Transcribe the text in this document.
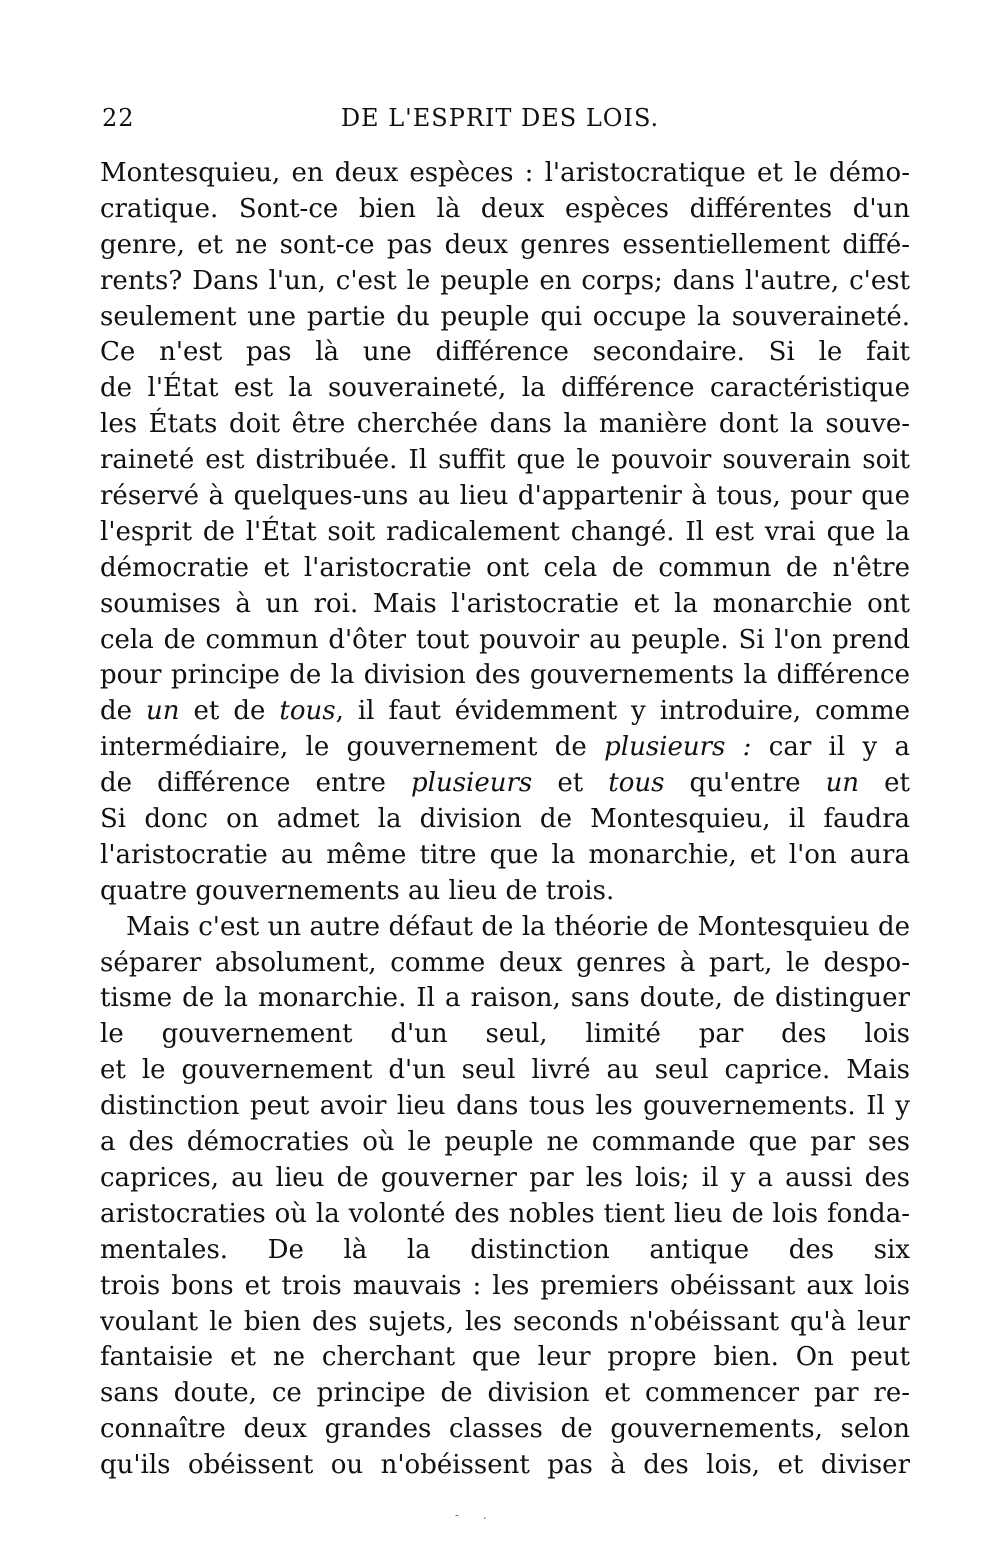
22	DE L'ESPRIT DES LOIS.
Montesquieu, en deux espèces : l'aristocratique et le démo-
cratique. Sont-ce bien là deux espèces différentes d'un
genre, et ne sont-ce pas deux genres essentiellement diffé-
rents? Dans l'un, c'est le peuple en corps; dans l'autre, c'est
seulement une partie du peuple qui occupe la souveraineté.
Ce n'est pas là une différence secondaire. Si le fait
de l'État est la souveraineté, la différence caractéristique
les États doit être cherchée dans la manière dont la souve-
raineté est distribuée. Il suffit que le pouvoir souverain soit
réservé à quelques-uns au lieu d'appartenir à tous, pour que
l'esprit de l'État soit radicalement changé. Il est vrai que la
démocratie et l'aristocratie ont cela de commun de n'être
soumises à un roi. Mais l'aristocratie et la monarchie ont
cela de commun d'ôter tout pouvoir au peuple. Si l'on prend
pour principe de la division des gouvernements la différence
de un et de tous, il faut évidemment y introduire, comme
intermédiaire, le gouvernement de plusieurs : car il y a
de différence entre plusieurs et tous qu'entre un et
Si donc on admet la division de Montesquieu, il faudra
l'aristocratie au même titre que la monarchie, et l'on aura
quatre gouvernements au lieu de trois.
Mais c'est un autre défaut de la théorie de Montesquieu de
séparer absolument, comme deux genres à part, le despo-
tisme de la monarchie. Il a raison, sans doute, de distinguer
le gouvernement d'un seul, limité par des lois
et le gouvernement d'un seul livré au seul caprice. Mais
distinction peut avoir lieu dans tous les gouvernements. Il y
a des démocraties où le peuple ne commande que par ses
caprices, au lieu de gouverner par les lois; il y a aussi des
aristocraties où la volonté des nobles tient lieu de lois fonda-
mentales. De là la distinction antique des six
trois bons et trois mauvais : les premiers obéissant aux lois
voulant le bien des sujets, les seconds n'obéissant qu'à leur
fantaisie et ne cherchant que leur propre bien. On peut
sans doute, ce principe de division et commencer par re-
connaître deux grandes classes de gouvernements, selon
qu'ils obéissent ou n'obéissent pas à des lois, et diviser
- .
